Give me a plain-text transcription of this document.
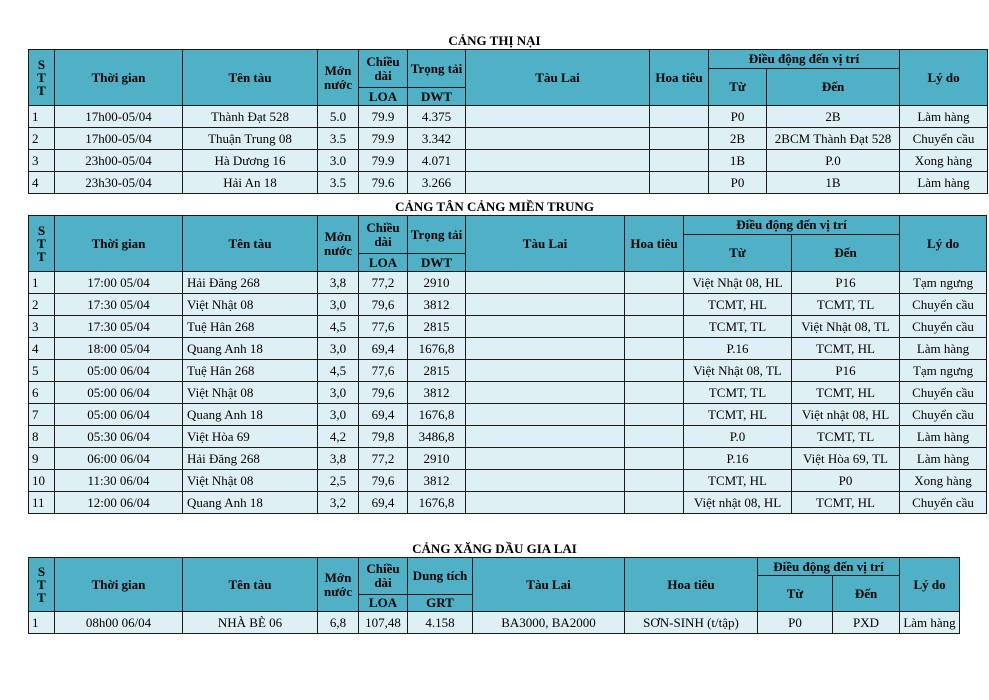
CẢNG THỊ NẠI
S
T
T	Thời gian	Tên tàu	Mớn nước	Chiều dài	Trọng tải	Tàu Lai	Hoa tiêu	Điều động đến vị trí		Lý do
								Từ	Đến	
				LOA	DWT					
1	17h00-05/04	Thành Đạt 528	5.0	79.9	4.375			P0	2B	Làm hàng
2	17h00-05/04	Thuận Trung 08	3.5	79.9	3.342			2B	2BCM Thành Đạt 528	Chuyển cầu
3	23h00-05/04	Hà Dương 16	3.0	79.9	4.071			1B	P.0	Xong hàng
4	23h30-05/04	Hải An 18	3.5	79.6	3.266			P0	1B	Làm hàng
CẢNG TÂN CẢNG MIỀN TRUNG
S
T
T	Thời gian	Tên tàu	Mớn nước	Chiều dài	Trọng tải	Tàu Lai	Hoa tiêu	Điều động đến vị trí		Lý do
								Từ	Đến	
				LOA	DWT					
1	17:00 05/04	Hải Đăng 268	3,8	77,2	2910			Việt Nhật 08, HL	P16	Tạm ngưng
2	17:30 05/04	Việt Nhật 08	3,0	79,6	3812			TCMT, HL	TCMT, TL	Chuyển cầu
3	17:30 05/04	Tuệ Hân 268	4,5	77,6	2815			TCMT, TL	Việt Nhật 08, TL	Chuyển cầu
4	18:00 05/04	Quang Anh 18	3,0	69,4	1676,8			P.16	TCMT, HL	Làm hàng
5	05:00 06/04	Tuệ Hân 268	4,5	77,6	2815			Việt Nhật 08, TL	P16	Tạm ngưng
6	05:00 06/04	Việt Nhật 08	3,0	79,6	3812			TCMT, TL	TCMT, HL	Chuyển cầu
7	05:00 06/04	Quang Anh 18	3,0	69,4	1676,8			TCMT, HL	Việt nhật 08, HL	Chuyển cầu
8	05:30 06/04	Việt Hòa 69	4,2	79,8	3486,8			P.0	TCMT, TL	Làm hàng
9	06:00 06/04	Hải Đăng 268	3,8	77,2	2910			P.16	Việt Hòa 69, TL	Làm hàng
10	11:30 06/04	Việt Nhật 08	2,5	79,6	3812			TCMT, HL	P0	Xong hàng
11	12:00 06/04	Quang Anh 18	3,2	69,4	1676,8			Việt nhật 08, HL	TCMT, HL	Chuyển cầu
CẢNG XĂNG DẦU GIA LAI
S
T
T	Thời gian	Tên tàu	Mớn nước	Chiều dài	Dung tích	Tàu Lai	Hoa tiêu	Điều động đến vị trí		Lý do
								Từ	Đến	
				LOA	GRT					
1	08h00 06/04	NHÀ BÈ 06	6,8	107,48	4.158	BA3000, BA2000	SƠN-SINH (t/tập)	P0	PXD	Làm hàng
